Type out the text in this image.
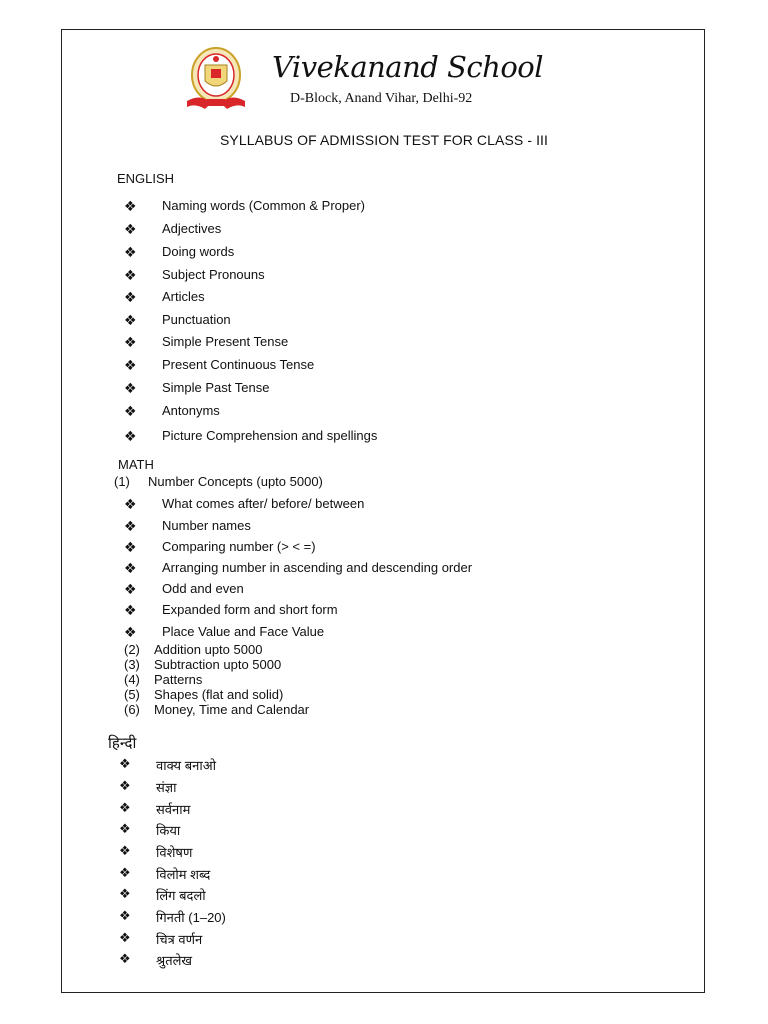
Vivekanand School
D-Block, Anand Vihar, Delhi-92
SYLLABUS OF ADMISSION TEST FOR CLASS - III
ENGLISH
❖ Naming words (Common & Proper)
❖ Adjectives
❖ Doing words
❖ Subject Pronouns
❖ Articles
❖ Punctuation
❖ Simple Present Tense
❖ Present Continuous Tense
❖ Simple Past Tense
❖ Antonyms
❖ Picture Comprehension and spellings
MATH
(1) Number Concepts (upto 5000)
❖ What comes after/ before/ between
❖ Number names
❖ Comparing number (> < =)
❖ Arranging number in ascending and descending order
❖ Odd and even
❖ Expanded form and short form
❖ Place Value and Face Value
(2) Addition upto 5000
(3) Subtraction upto 5000
(4) Patterns
(5) Shapes (flat and solid)
(6) Money, Time and Calendar
हिन्दी
❖ वाक्य बनाओ
❖ संज्ञा
❖ सर्वनाम
❖ किया
❖ विशेषण
❖ विलोम शब्द
❖ लिंग बदलो
❖ गिनती (1–20)
❖ चित्र वर्णन
❖ श्रुतलेख
